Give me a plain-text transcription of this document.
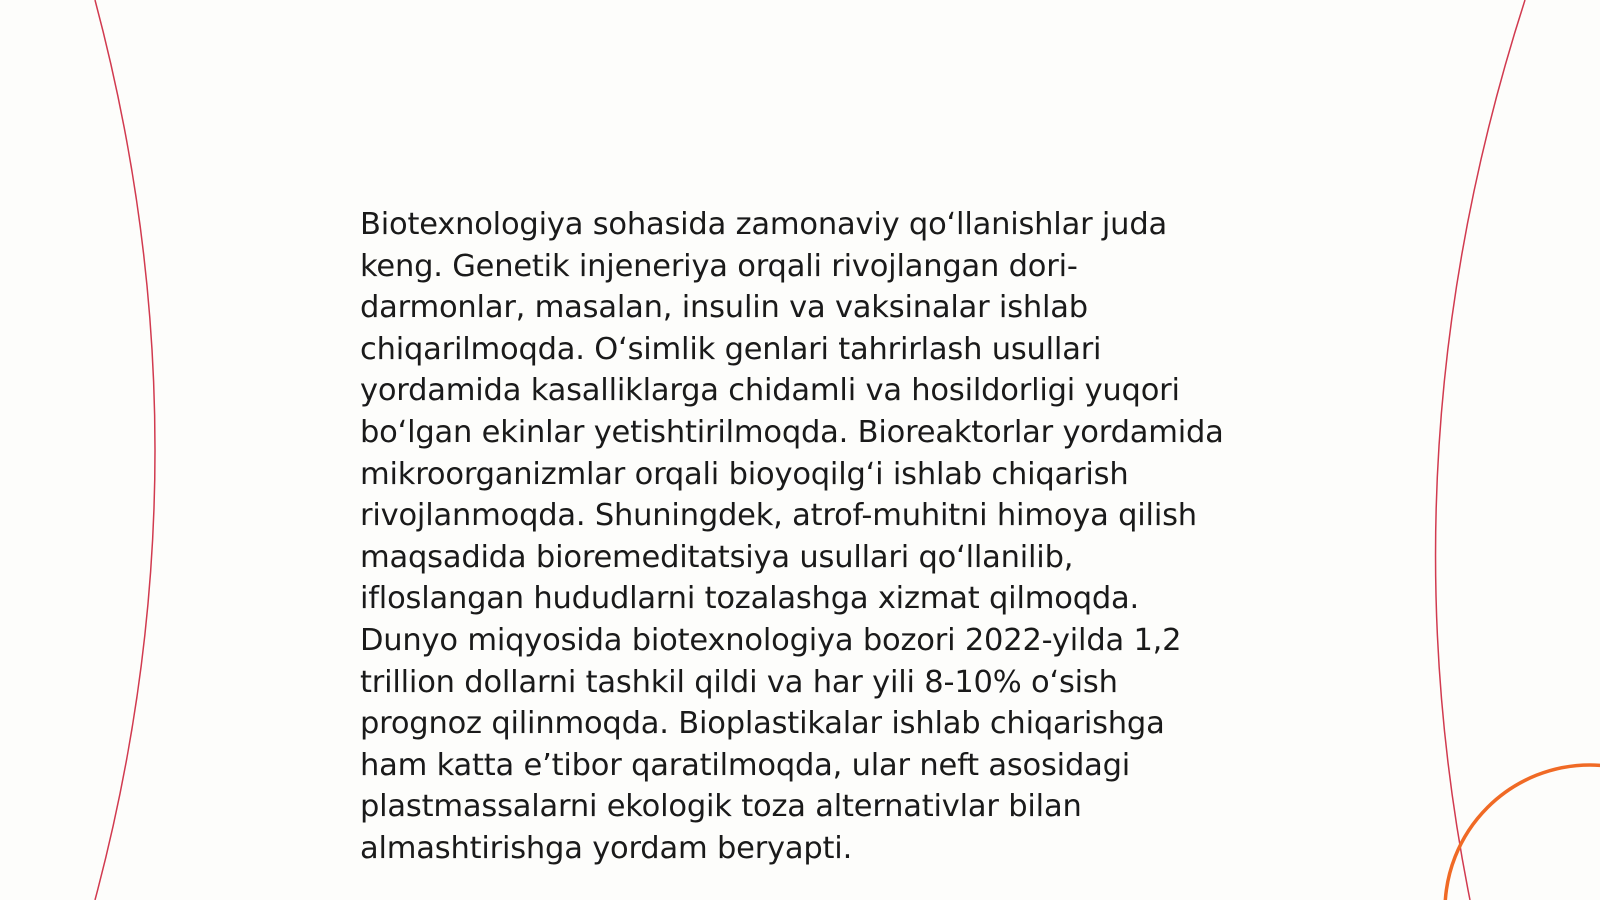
Biotexnologiya sohasida zamonaviy qo‘llanishlar juda keng. Genetik injeneriya orqali rivojlangan dori-darmonlar, masalan, insulin va vaksinalar ishlab chiqarilmoqda. O‘simlik genlari tahrirlash usullari yordamida kasalliklarga chidamli va hosildorligi yuqori bo‘lgan ekinlar yetishtirilmoqda. Bioreaktorlar yordamida mikroorganizmlar orqali bioyoqilg‘i ishlab chiqarish rivojlanmoqda. Shuningdek, atrof-muhitni himoya qilish maqsadida bioremeditatsiya usullari qo‘llanilib, ifloslangan hududlarni tozalashga xizmat qilmoqda. Dunyo miqyosida biotexnologiya bozori 2022-yilda 1,2 trillion dollarni tashkil qildi va har yili 8-10% o‘sish prognoz qilinmoqda. Bioplastikalar ishlab chiqarishga ham katta e’tibor qaratilmoqda, ular neft asosidagi plastmassalarni ekologik toza alternativlar bilan almashtirishga yordam beryapti.
